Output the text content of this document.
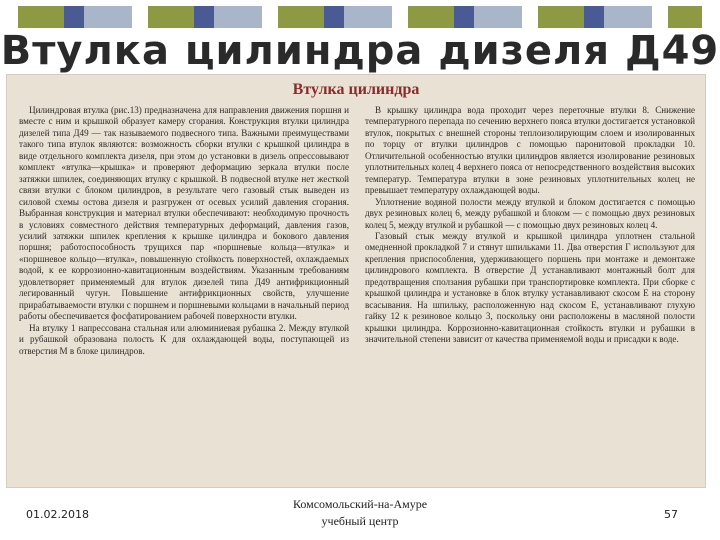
Втулка цилиндра дизеля Д49
Втулка цилиндра

Цилиндровая втулка (рис.13) предназначена для направления движения поршня и вместе с ним и крышкой образует камеру сгорания. Конструкция втулки цилиндра дизелей типа Д49 — так называемого подвесного типа. Важными преимуществами такого типа втулок являются: возможность сборки втулки с крышкой цилиндра в виде отдельного комплекта дизеля, при этом до установки в дизель опрессовывают комплект «втулка—крышка» и проверяют деформацию зеркала втулки после затяжки шпилек, соединяющих втулку с крышкой. В подвесной втулке нет жесткой связи втулки с блоком цилиндров, в результате чего газовый стык выведен из силовой схемы остова дизеля и разгружен от осевых усилий давления сгорания. Выбранная конструкция и материал втулки обеспечивают: необходимую прочность в условиях совместного действия температурных деформаций, давления газов, усилий затяжки шпилек крепления к крышке цилиндра и бокового давления поршня; работоспособность трущихся пар «поршневые кольца—втулка» и «поршневое кольцо—втулка», повышенную стойкость поверхностей, охлаждаемых водой, к ее коррозионно-кавитационным воздействиям. Указанным требованиям удовлетворяет применяемый для втулок дизелей типа Д49 антифрикционный легированный чугун. Повышение антифрикционных свойств, улучшение прирабатываемости втулки с поршнем и поршневыми кольцами в начальный период работы обеспечивается фосфатированием рабочей поверхности втулки.

На втулку 1 напрессована стальная или алюминиевая рубашка 2. Между втулкой и рубашкой образована полость К для охлаждающей воды, поступающей из отверстия М в блоке цилиндров.

В крышку цилиндра вода проходит через переточные втулки 8. Снижение температурного перепада по сечению верхнего пояса втулки достигается установкой втулок, покрытых с внешней стороны теплоизолирующим слоем и изолированных по торцу от втулки цилиндров с помощью паронитовой прокладки 10. Отличительной особенностью втулки цилиндров является изолирование резиновых уплотнительных колец 4 верхнего пояса от непосредственного воздействия высоких температур. Температура втулки в зоне резиновых уплотнительных колец не превышает температуру охлаждающей воды.

Уплотнение водяной полости между втулкой и блоком достигается с помощью двух резиновых колец 6, между рубашкой и блоком — с помощью двух резиновых колец 5, между втулкой и рубашкой — с помощью двух резиновых колец 4.

Газовый стык между втулкой и крышкой цилиндра уплотнен стальной омедненной прокладкой 7 и стянут шпильками 11. Два отверстия Г используют для крепления приспособления, удерживающего поршень при монтаже и демонтаже цилиндрового комплекта. В отверстие Д устанавливают монтажный болт для предотвращения сползания рубашки при транспортировке комплекта. При сборке с крышкой цилиндра и установке в блок втулку устанавливают скосом Е на сторону всасывания. На шпильку, расположенную над скосом Е, устанавливают глухую гайку 12 к резиновое кольцо 3, поскольку они расположены в масляной полости крышки цилиндра. Коррозионно-кавитационная стойкость втулки и рубашки в значительной степени зависит от качества применяемой воды и присадки к воде.

01.02.2018
Комсомольский-на-Амуре
учебный центр	57
